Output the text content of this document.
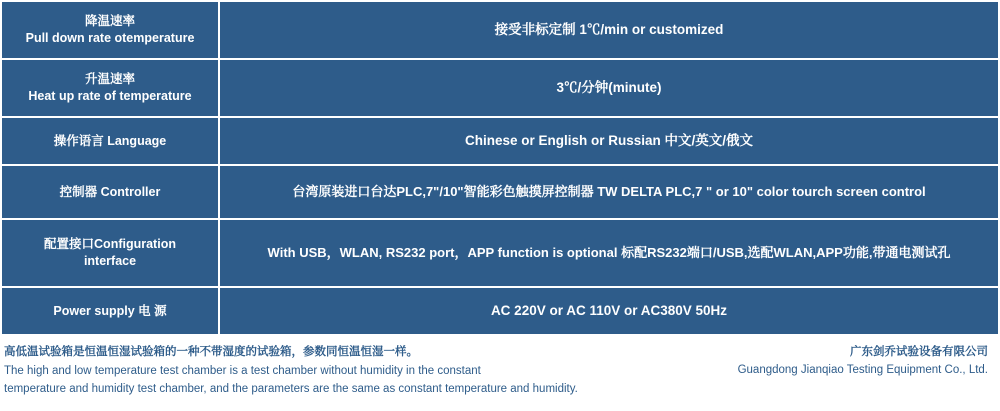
降温速率
Pull down rate otemperature	接受非标定制 1℃/min or customized

升温速率
Heat up rate of temperature	3℃/分钟(minute)

操作语言 Language	Chinese or English or Russian 中文/英文/俄文

控制器 Controller	台湾原装进口台达PLC,7"/10"智能彩色触摸屏控制器 TW DELTA PLC,7 " or 10" color tourch screen control

配置接口Configuration
interface	With USB，WLAN, RS232 port，APP function is optional 标配RS232端口/USB,选配WLAN,APP功能,带通电测试孔

Power supply 电 源	AC 220V or AC 110V or AC380V 50Hz
高低温试验箱是恒温恒湿试验箱的一种不带湿度的试验箱，参数同恒温恒湿一样。
The high and low temperature test chamber is a test chamber without humidity in the constant
temperature and humidity test chamber, and the parameters are the same as constant temperature and humidity.
广东剑乔试验设备有限公司
Guangdong Jianqiao Testing Equipment Co., Ltd.
